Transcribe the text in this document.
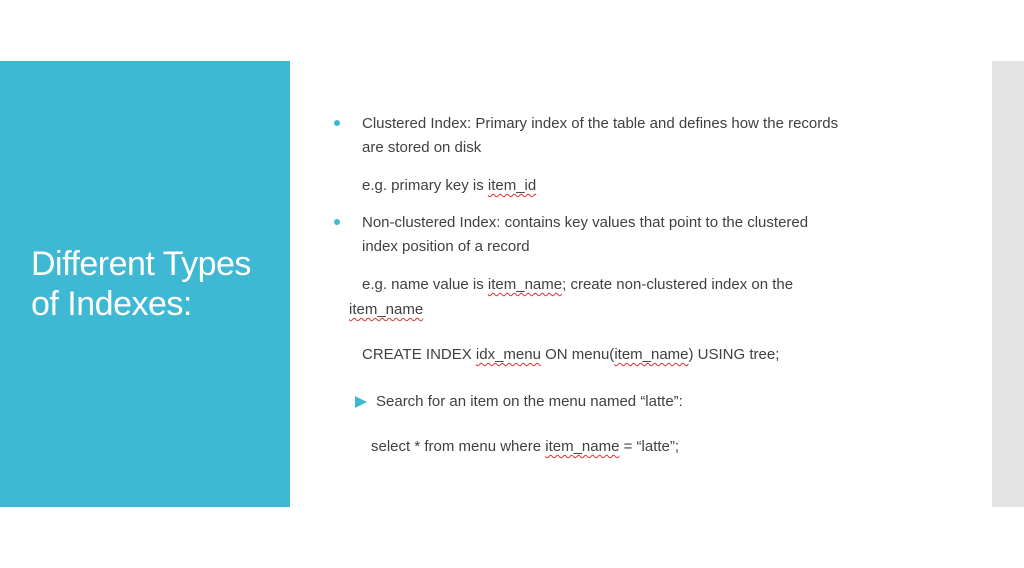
Different Types of Indexes:
Clustered Index: Primary index of the table and defines how the records
are stored on disk
e.g. primary key is item_id
Non-clustered Index: contains key values that point to the clustered
index position of a record
e.g. name value is item_name; create non-clustered index on the
item_name
CREATE INDEX idx_menu ON menu(item_name) USING tree;
Search for an item on the menu named “latte”:
select * from menu where item_name = “latte”;
